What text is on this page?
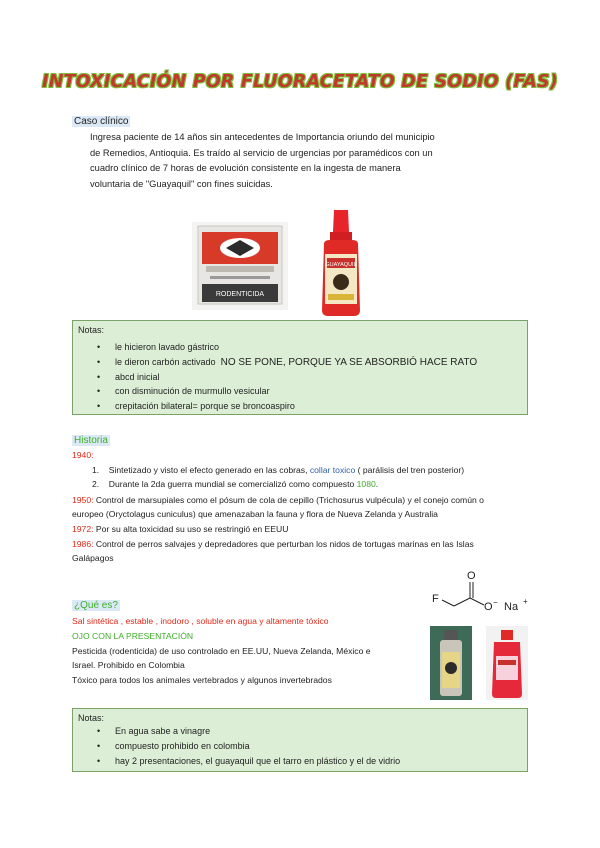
INTOXICACIÓN POR FLUORACETATO DE SODIO (FAS)
Caso clínico
Ingresa paciente de 14 años sin antecedentes de Importancia oriundo del municipio
de Remedios, Antioquia. Es traído al servicio de urgencias por paramédicos con un
cuadro clínico de 7 horas de evolución consistente en la ingesta de manera
voluntaria de "Guayaquil" con fines suicidas.
RODENTICIDA
GUAYAQUIL
Notas:
• le hicieron lavado gástrico
• le dieron carbón activado NO SE PONE, PORQUE YA SE ABSORBIÓ HACE RATO
• abcd inicial
• con disminución de murmullo vesicular
• crepitación bilateral= porque se broncoaspiro
Historia
1940:
1. Sintetizado y visto el efecto generado en las cobras, collar toxico ( parálisis del tren posterior)
2. Durante la 2da guerra mundial se comercializó como compuesto 1080.
1950: Control de marsupiales como el pósum de cola de cepillo (Trichosurus vulpécula) y el conejo común o
europeo (Oryctolagus cuniculus) que amenazaban la fauna y flora de Nueva Zelanda y Australia
1972: Por su alta toxicidad su uso se restringió en EEUU
1986: Control de perros salvajes y depredadores que perturban los nidos de tortugas marinas en las Islas
Galápagos
¿Qué es?
Sal sintética , estable , inodoro , soluble en agua y altamente tóxico
OJO CON LA PRESENTACIÓN
Pesticida (rodenticida) de uso controlado en EE.UU, Nueva Zelanda, México e
Israel. Prohibido en Colombia
Tóxico para todos los animales vertebrados y algunos invertebrados
F
O
O − Na +
Notas:
• En agua sabe a vinagre
• compuesto prohibido en colombia
• hay 2 presentaciones, el guayaquil que el tarro en plástico y el de vidrio
